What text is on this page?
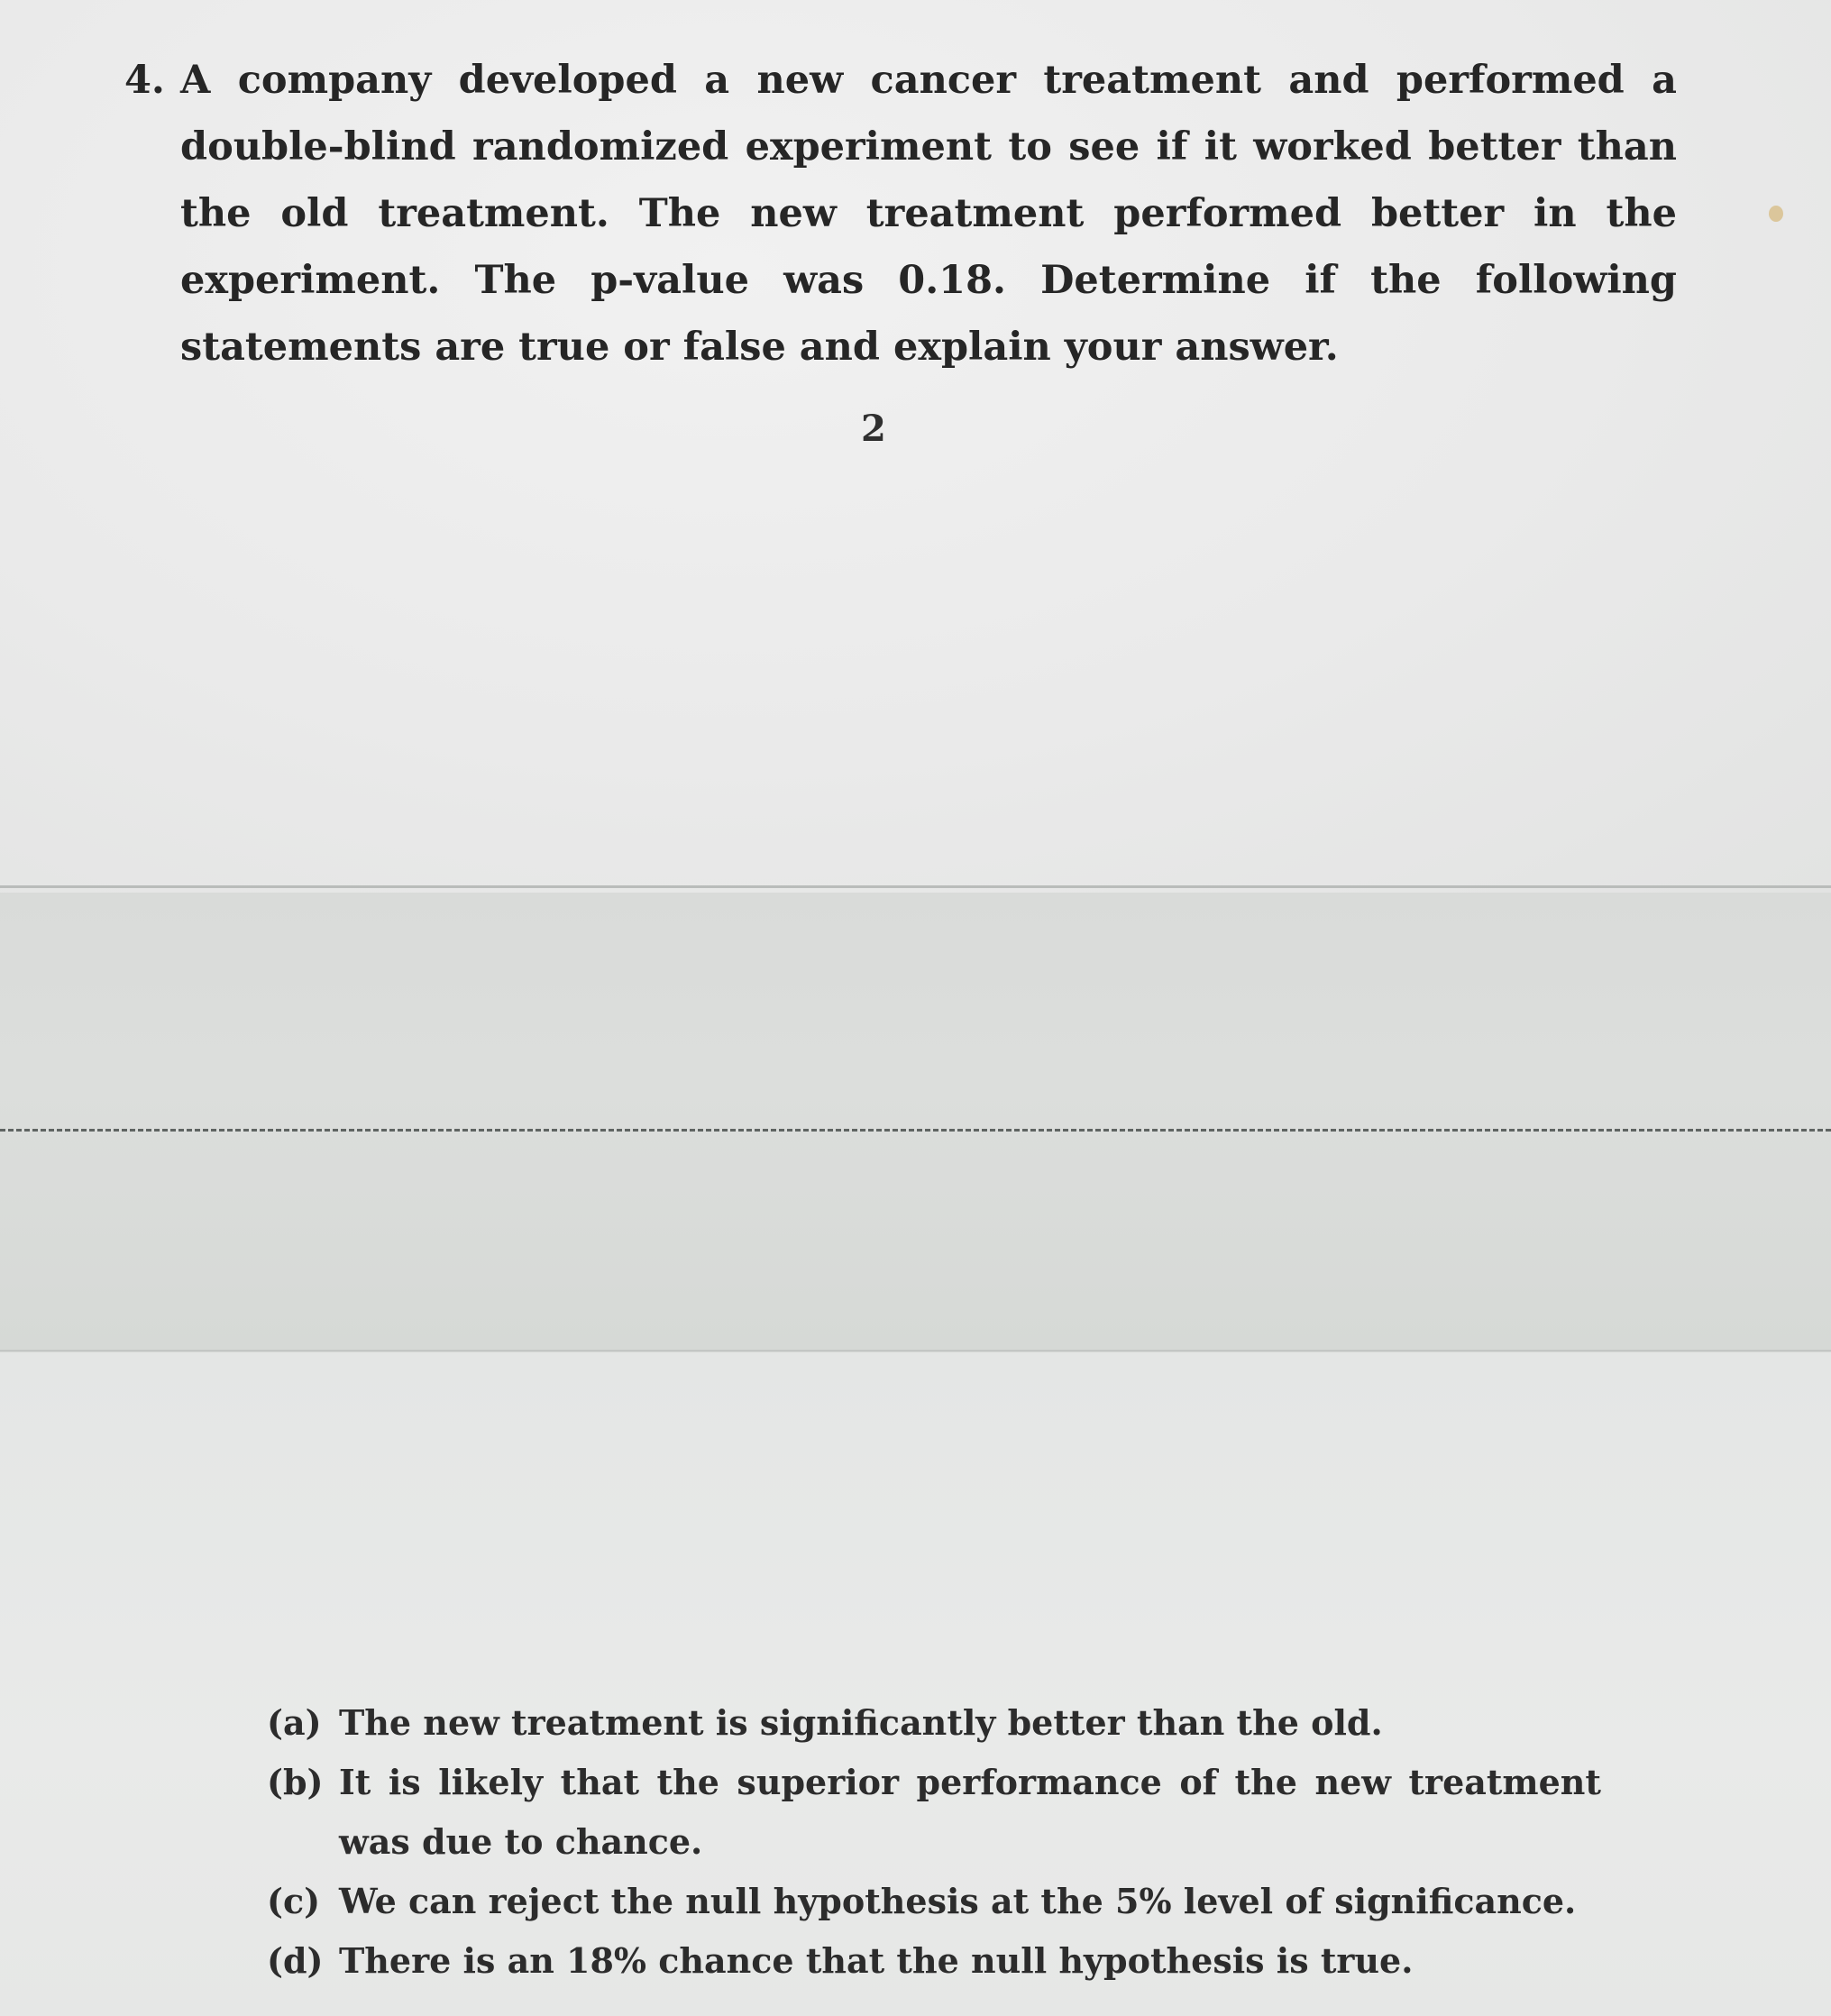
4. A company developed a new cancer treatment and performed a double-blind randomized experiment to see if it worked better than the old treatment. The new treatment performed better in the experiment. The p-value was 0.18. Determine if the following statements are true or false and explain your answer.
2
(a) The new treatment is significantly better than the old.
(b) It is likely that the superior performance of the new treatment was due to chance.
(c) We can reject the null hypothesis at the 5% level of significance.
(d) There is an 18% chance that the null hypothesis is true.
